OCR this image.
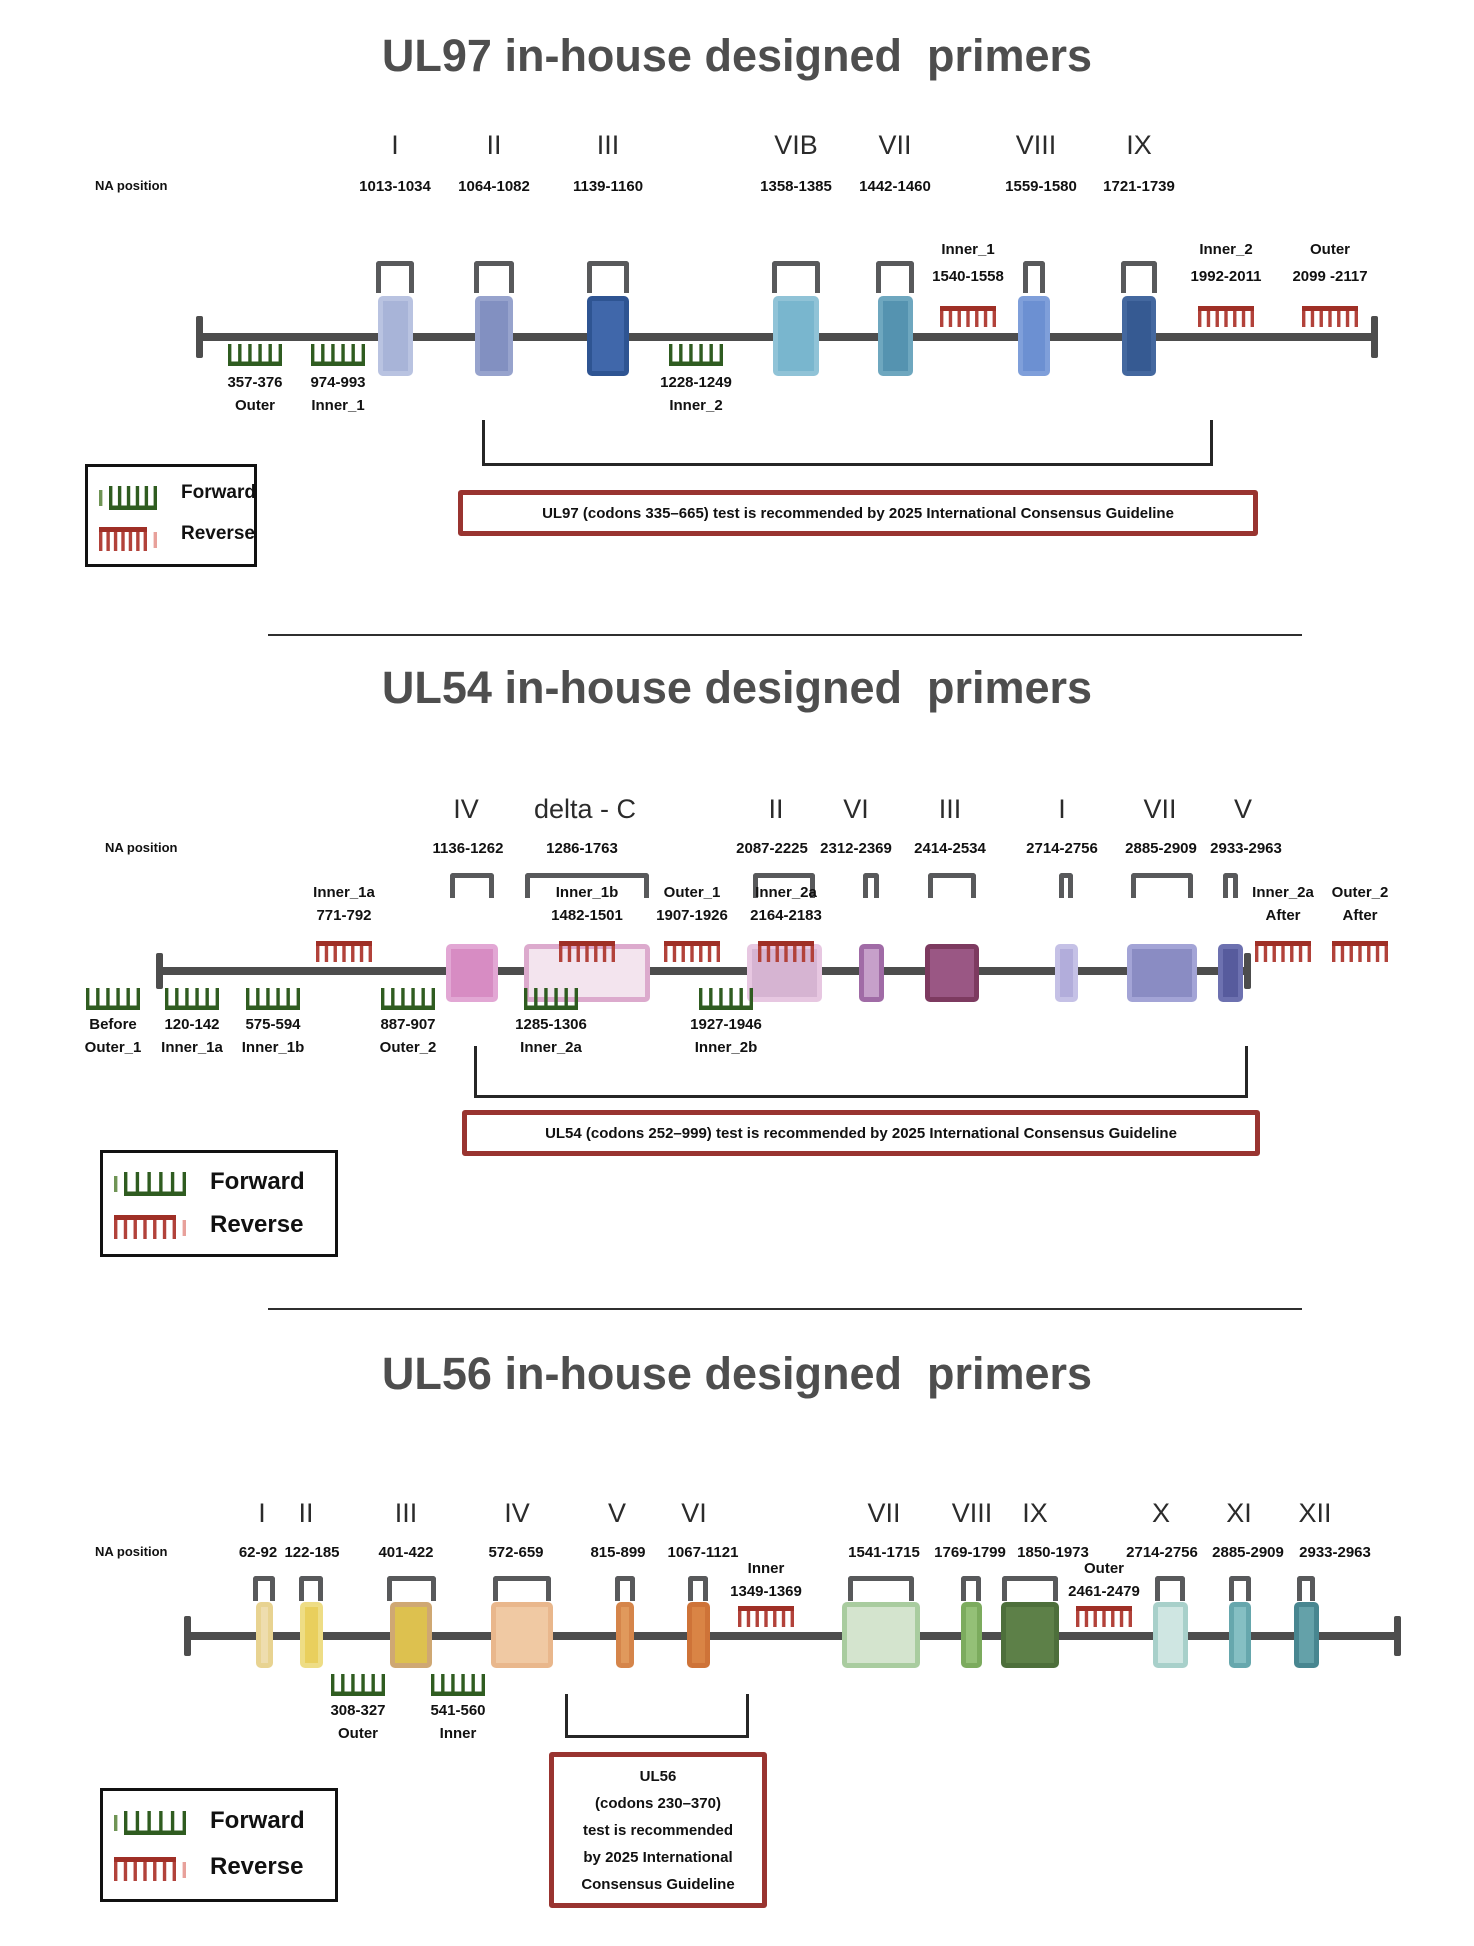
UL97 in-house designed  primers
NA position
I
1013-1034
II
1064-1082
III
1139-1160
VIB
1358-1385
VII
1442-1460
VIII
1559-1580
IX
1721-1739
357-376
Outer
974-993
Inner_1
1228-1249
Inner_2
Inner_1
1540-1558
Inner_2
1992-2011
Outer
2099 -2117
UL97 (codons 335–665) test is recommended by 2025 International Consensus Guideline
Forward
Reverse
UL54 in-house designed  primers
NA position
IV
1136-1262
delta - C
1286-1763
II
2087-2225
VI
2312-2369
III
2414-2534
I
2714-2756
VII
2885-2909
V
2933-2963
Before
Outer_1
120-142
Inner_1a
575-594
Inner_1b
887-907
Outer_2
1285-1306
Inner_2a
1927-1946
Inner_2b
Inner_1a
771-792
Inner_1b
1482-1501
Outer_1
1907-1926
Inner_2a
2164-2183
Inner_2a
After
Outer_2
After
UL54 (codons 252–999) test is recommended by 2025 International Consensus Guideline
Forward
Reverse
UL56 in-house designed  primers
NA position
I
62-92
II
122-185
III
401-422
IV
572-659
V
815-899
VI
1067-1121
VII
1541-1715
VIII
1769-1799
IX
1850-1973
X
2714-2756
XI
2885-2909
XII
2933-2963
308-327
Outer
541-560
Inner
Inner
1349-1369
Outer
2461-2479
UL56
(codons 230–370)
test is recommended
by 2025 International
Consensus Guideline
Forward
Reverse
